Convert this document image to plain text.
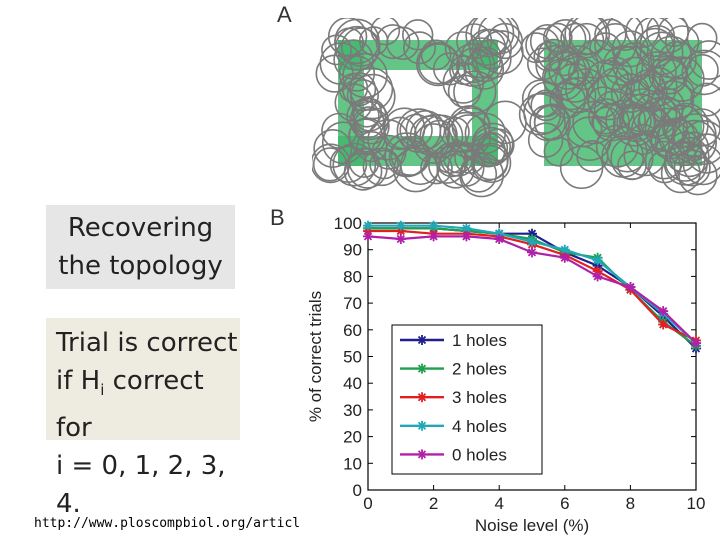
A
B
Recovering
the topology
Trial is correct
if $H_i$ correct for
i = 0, 1, 2, 3, 4.
http://www.ploscompbiol.org/articl
0
10
20
30
40
50
60
70
80
90
100
0	2	4	6	8	10
Noise level (%)
% of correct trials	1 holes
2 holes
3 holes
4 holes
0 holes
